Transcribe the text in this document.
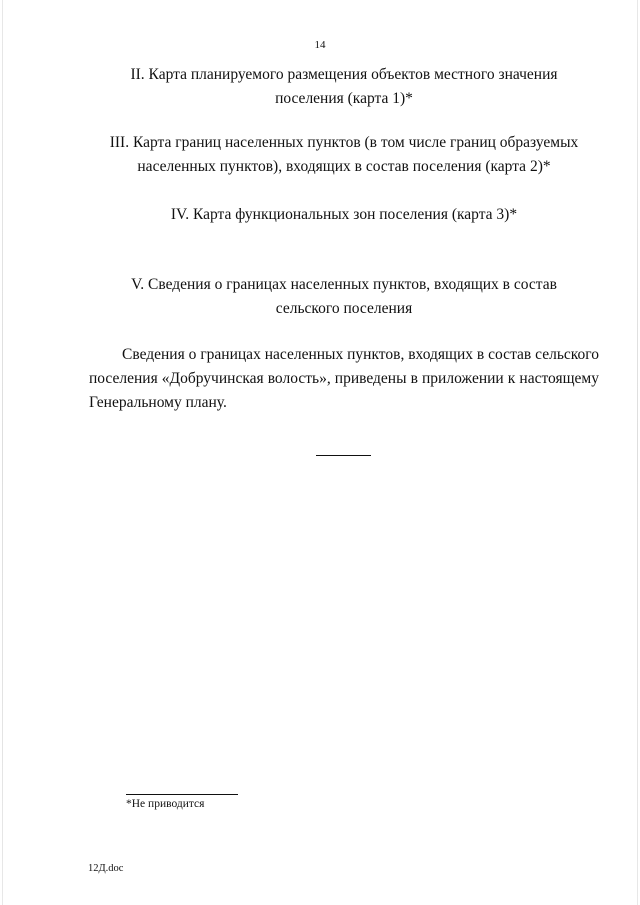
14
II. Карта планируемого размещения объектов местного значения
поселения (карта 1)*
III. Карта границ населенных пунктов (в том числе границ образуемых
населенных пунктов), входящих в состав поселения (карта 2)*
IV. Карта функциональных зон поселения (карта 3)*
V. Сведения о границах населенных пунктов, входящих в состав
сельского поселения
Сведения о границах населенных пунктов, входящих в состав сельского поселения «Добручинская волость», приведены в приложении к настоящему Генеральному плану.
*Не приводится
12Д.doc
